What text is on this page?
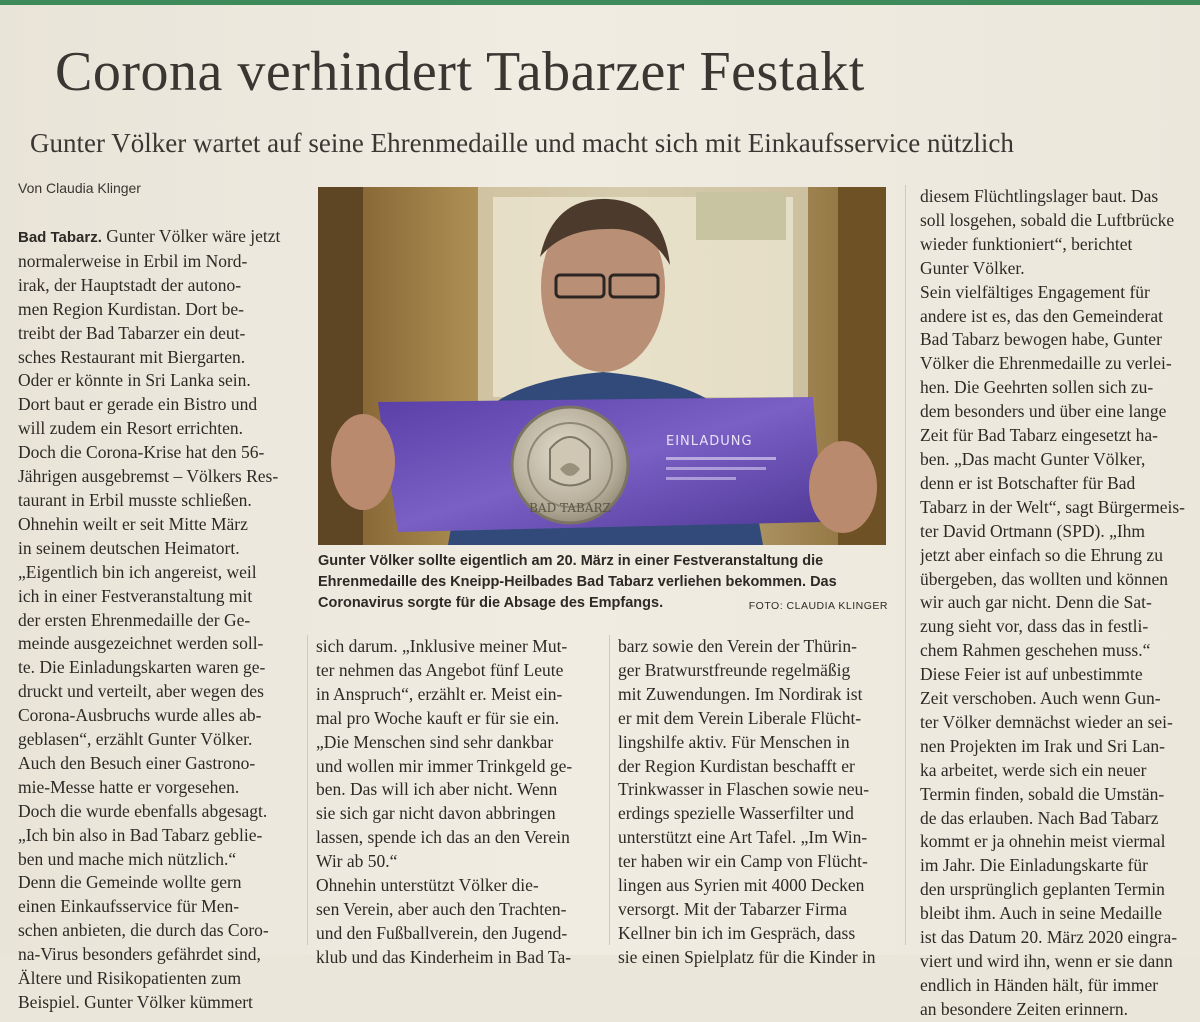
Corona verhindert Tabarzer Festakt
Gunter Völker wartet auf seine Ehrenmedaille und macht sich mit Einkaufsservice nützlich
Von Claudia Klinger
Bad Tabarz. Gunter Völker wäre jetzt
normalerweise in Erbil im Nord-
irak, der Hauptstadt der autono-
men Region Kurdistan. Dort be-
treibt der Bad Tabarzer ein deut-
sches Restaurant mit Biergarten.
Oder er könnte in Sri Lanka sein.
Dort baut er gerade ein Bistro und
will zudem ein Resort errichten.
Doch die Corona-Krise hat den 56-
Jährigen ausgebremst – Völkers Res-
taurant in Erbil musste schließen.
Ohnehin weilt er seit Mitte März
in seinem deutschen Heimatort.
„Eigentlich bin ich angereist, weil
ich in einer Festveranstaltung mit
der ersten Ehrenmedaille der Ge-
meinde ausgezeichnet werden soll-
te. Die Einladungskarten waren ge-
druckt und verteilt, aber wegen des
Corona-Ausbruchs wurde alles ab-
geblasen“, erzählt Gunter Völker.
Auch den Besuch einer Gastrono-
mie-Messe hatte er vorgesehen.
Doch die wurde ebenfalls abgesagt.
„Ich bin also in Bad Tabarz geblie-
ben und mache mich nützlich.“
Denn die Gemeinde wollte gern
einen Einkaufsservice für Men-
schen anbieten, die durch das Coro-
na-Virus besonders gefährdet sind,
Ältere und Risikopatienten zum
Beispiel. Gunter Völker kümmert
BAD TABARZ
EINLADUNG
Gunter Völker sollte eigentlich am 20. März in einer Festveranstaltung die Ehrenmedaille des Kneipp-Heilbades Bad Tabarz verliehen bekommen. Das Coronavirus sorgte für die Absage des Empfangs.	FOTO: CLAUDIA KLINGER
sich darum. „Inklusive meiner Mut-
ter nehmen das Angebot fünf Leute
in Anspruch“, erzählt er. Meist ein-
mal pro Woche kauft er für sie ein.
„Die Menschen sind sehr dankbar
und wollen mir immer Trinkgeld ge-
ben. Das will ich aber nicht. Wenn
sie sich gar nicht davon abbringen
lassen, spende ich das an den Verein
Wir ab 50.“
Ohnehin unterstützt Völker die-
sen Verein, aber auch den Trachten-
und den Fußballverein, den Jugend-
klub und das Kinderheim in Bad Ta-
barz sowie den Verein der Thürin-
ger Bratwurstfreunde regelmäßig
mit Zuwendungen. Im Nordirak ist
er mit dem Verein Liberale Flücht-
lingshilfe aktiv. Für Menschen in
der Region Kurdistan beschafft er
Trinkwasser in Flaschen sowie neu-
erdings spezielle Wasserfilter und
unterstützt eine Art Tafel. „Im Win-
ter haben wir ein Camp von Flücht-
lingen aus Syrien mit 4000 Decken
versorgt. Mit der Tabarzer Firma
Kellner bin ich im Gespräch, dass
sie einen Spielplatz für die Kinder in
diesem Flüchtlingslager baut. Das
soll losgehen, sobald die Luftbrücke
wieder funktioniert“, berichtet
Gunter Völker.
Sein vielfältiges Engagement für
andere ist es, das den Gemeinderat
Bad Tabarz bewogen habe, Gunter
Völker die Ehrenmedaille zu verlei-
hen. Die Geehrten sollen sich zu-
dem besonders und über eine lange
Zeit für Bad Tabarz eingesetzt ha-
ben. „Das macht Gunter Völker,
denn er ist Botschafter für Bad
Tabarz in der Welt“, sagt Bürgermeis-
ter David Ortmann (SPD). „Ihm
jetzt aber einfach so die Ehrung zu
übergeben, das wollten und können
wir auch gar nicht. Denn die Sat-
zung sieht vor, dass das in festli-
chem Rahmen geschehen muss.“
Diese Feier ist auf unbestimmte
Zeit verschoben. Auch wenn Gun-
ter Völker demnächst wieder an sei-
nen Projekten im Irak und Sri Lan-
ka arbeitet, werde sich ein neuer
Termin finden, sobald die Umstän-
de das erlauben. Nach Bad Tabarz
kommt er ja ohnehin meist viermal
im Jahr. Die Einladungskarte für
den ursprünglich geplanten Termin
bleibt ihm. Auch in seine Medaille
ist das Datum 20. März 2020 eingra-
viert und wird ihn, wenn er sie dann
endlich in Händen hält, für immer
an besondere Zeiten erinnern.
